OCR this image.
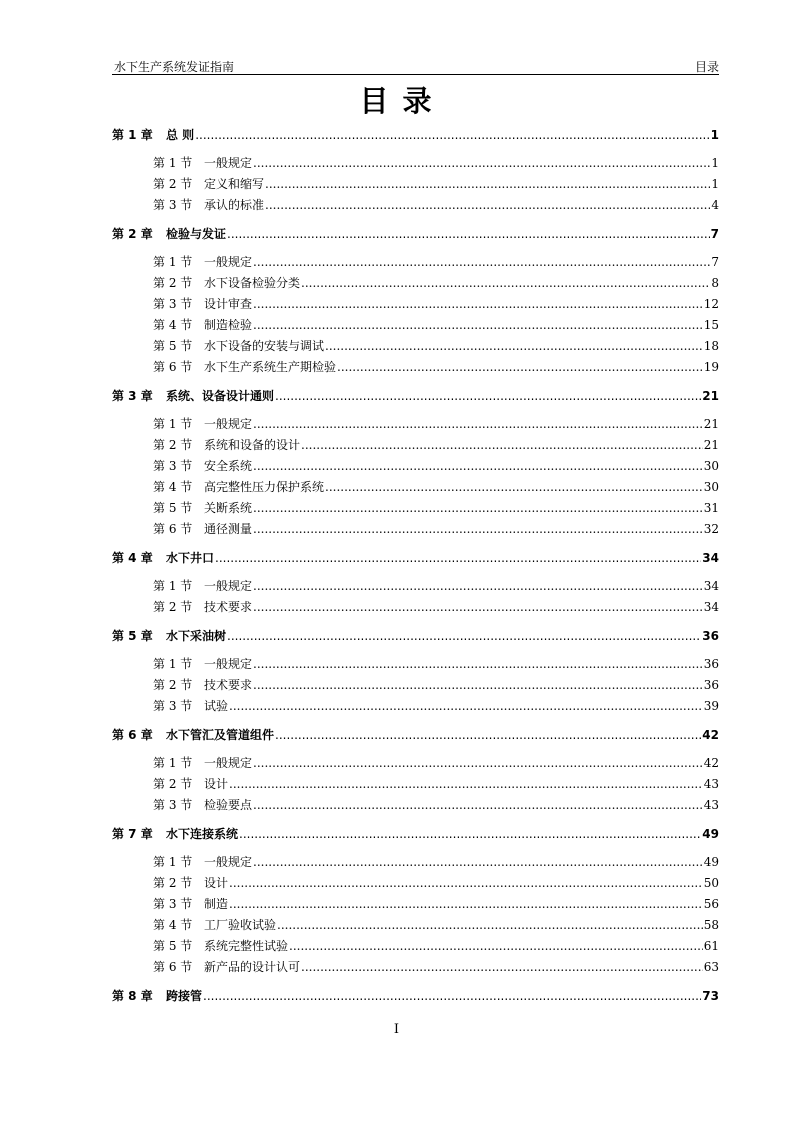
水下生产系统发证指南	目录
目 录
第 1 章	总 则 .....	1
第 1 节 一般规定 .....	1
第 2 节 定义和缩写 .....	1
第 3 节 承认的标准 .....	4
第 2 章	检验与发证 .....	7
第 1 节 一般规定 .....	7
第 2 节 水下设备检验分类 .....	8
第 3 节 设计审查 .....	12
第 4 节 制造检验 .....	15
第 5 节 水下设备的安装与调试 .....	18
第 6 节 水下生产系统生产期检验 .....	19
第 3 章	系统、设备设计通则 .....	21
第 1 节 一般规定 .....	21
第 2 节 系统和设备的设计 .....	21
第 3 节 安全系统 .....	30
第 4 节 高完整性压力保护系统 .....	30
第 5 节 关断系统 .....	31
第 6 节 通径测量 .....	32
第 4 章	水下井口 .....	34
第 1 节 一般规定 .....	34
第 2 节 技术要求 .....	34
第 5 章	水下采油树 .....	36
第 1 节 一般规定 .....	36
第 2 节 技术要求 .....	36
第 3 节 试验 .....	39
第 6 章	水下管汇及管道组件 .....	42
第 1 节 一般规定 .....	42
第 2 节 设计 .....	43
第 3 节 检验要点 .....	43
第 7 章	水下连接系统 .....	49
第 1 节 一般规定 .....	49
第 2 节 设计 .....	50
第 3 节 制造 .....	56
第 4 节 工厂验收试验 .....	58
第 5 节 系统完整性试验 .....	61
第 6 节 新产品的设计认可 .....	63
第 8 章	跨接管 .....	73
I
